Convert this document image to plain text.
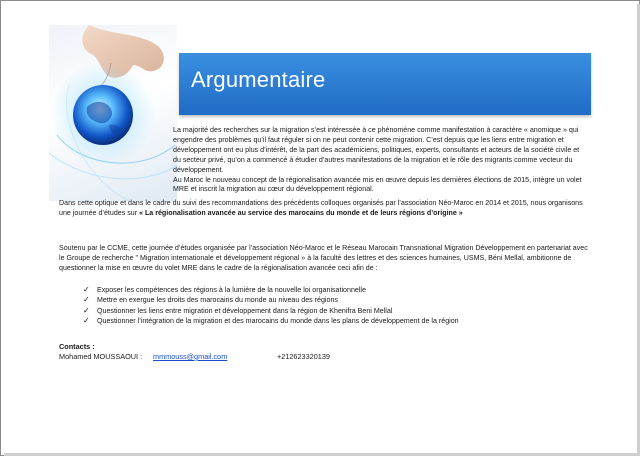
Argumentaire

La majorité des recherches sur la migration s’est intéressée à ce phénomène comme manifestation à caractère « anomique » qui engendre des problèmes qu’il faut réguler si on ne peut contenir cette migration. C’est depuis que les liens entre migration et développement ont eu plus d’intérêt, de la part des académiciens, politiques, experts, consultants et acteurs de la société civile et du secteur privé, qu’on a commencé à étudier d’autres manifestations de la migration et le rôle des migrants comme vecteur du développement.
Au Maroc le nouveau concept de la régionalisation avancée mis en œuvre depuis les dernières élections de 2015, intègre un volet MRE et inscrit la migration au cœur du développement régional.

Dans cette optique et dans le cadre du suivi des recommandations des précédents colloques organisés par l’association Néo-Maroc en 2014 et 2015, nous organisons une journée d’études sur « La régionalisation avancée au service des marocains du monde et de leurs régions d’origine »

Soutenu par le CCME, cette journée d’études organisée par l’association Néo-Maroc et le Réseau Marocain Transnational Migration Développement en partenariat avec le Groupe de recherche " Migration internationale et développement régional » à la faculté des lettres et des sciences humaines, USMS, Béni Mellal, ambitionne de questionner la mise en œuvre du volet MRE dans le cadre de la régionalisation avancée ceci afin de :

✓ Exposer les compétences des régions à la lumière de la nouvelle loi organisationnelle
✓ Mettre en exergue les droits des marocains du monde au niveau des régions
✓ Questionner les liens entre migration et développement dans la région de Khenifra Beni Mellal
✓ Questionner l’intégration de la migration et des marocains du monde dans les plans de développement de la région
Contacts :
Mohamed MOUSSAOUI : mmmouss@gmail.com	+212623320139
